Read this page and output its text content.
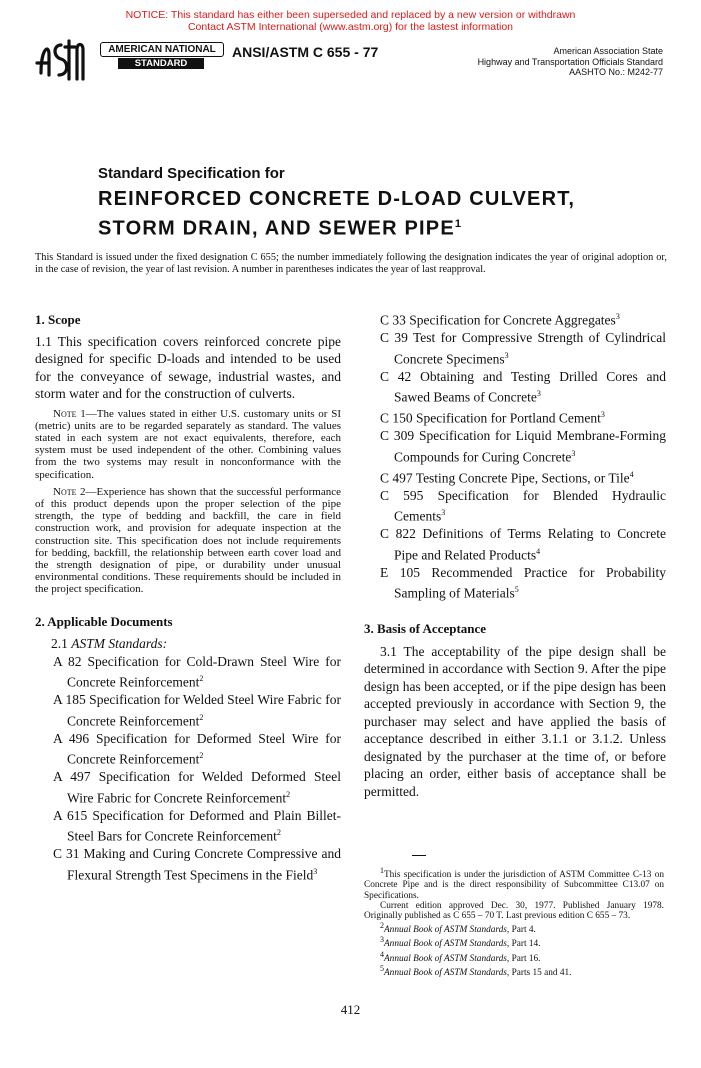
NOTICE: This standard has either been superseded and replaced by a new version or withdrawn
Contact ASTM International (www.astm.org) for the lastest information
AMERICAN NATIONAL
STANDARD
ANSI/ASTM C 655 - 77	American Association State
Highway and Transportation Officials Standard
AASHTO No.: M242-77
Standard Specification for
REINFORCED CONCRETE D-LOAD CULVERT,
STORM DRAIN, AND SEWER PIPE$^1$
This Standard is issued under the fixed designation C 655; the number immediately following the designation indicates the year of original adoption or, in the case of revision, the year of last revision. A number in parentheses indicates the year of last reapproval.

1. Scope

1.1 This specification covers reinforced concrete pipe designed for specific D-loads and intended to be used for the conveyance of sewage, industrial wastes, and storm water and for the construction of culverts.

Note 1—The values stated in either U.S. customary units or SI (metric) units are to be regarded separately as standard. The values stated in each system are not exact equivalents, therefore, each system must be used independent of the other. Combining values from the two systems may result in nonconformance with the specification.

Note 2—Experience has shown that the successful performance of this product depends upon the proper selection of the pipe strength, the type of bedding and backfill, the care in field construction work, and provision for adequate inspection at the construction site. This specification does not include requirements for bedding, backfill, the relationship between earth cover load and the strength designation of pipe, or durability under unusual environmental conditions. These requirements should be included in the project specification.

2. Applicable Documents

2.1 ASTM Standards:

A 82 Specification for Cold-Drawn Steel Wire for Concrete Reinforcement$^2$

A 185 Specification for Welded Steel Wire Fabric for Concrete Reinforcement$^2$

A 496 Specification for Deformed Steel Wire for Concrete Reinforcement$^2$

A 497 Specification for Welded Deformed Steel Wire Fabric for Concrete Reinforcement$^2$

A 615 Specification for Deformed and Plain Billet-Steel Bars for Concrete Reinforcement$^2$

C 31 Making and Curing Concrete Compressive and Flexural Strength Test Specimens in the Field$^3$

C 33 Specification for Concrete Aggregates$^3$

C 39 Test for Compressive Strength of Cylindrical Concrete Specimens$^3$

C 42 Obtaining and Testing Drilled Cores and Sawed Beams of Concrete$^3$

C 150 Specification for Portland Cement$^3$

C 309 Specification for Liquid Membrane-Forming Compounds for Curing Concrete$^3$

C 497 Testing Concrete Pipe, Sections, or Tile$^4$

C 595 Specification for Blended Hydraulic Cements$^3$

C 822 Definitions of Terms Relating to Concrete Pipe and Related Products$^4$

E 105 Recommended Practice for Probability Sampling of Materials$^5$

3. Basis of Acceptance

3.1 The acceptability of the pipe design shall be determined in accordance with Section 9. After the pipe design has been accepted, or if the pipe design has been accepted previously in accordance with Section 9, the purchaser may select and have applied the basis of acceptance described in either 3.1.1 or 3.1.2. Unless designated by the purchaser at the time of, or before placing an order, either basis of acceptance shall be permitted.

$^1$This specification is under the jurisdiction of ASTM Committee C-13 on Concrete Pipe and is the direct responsibility of Subcommittee C13.07 on Specifications.

Current edition approved Dec. 30, 1977. Published January 1978. Originally published as C 655 – 70 T. Last previous edition C 655 – 73.

$^2$Annual Book of ASTM Standards, Part 4.

$^3$Annual Book of ASTM Standards, Part 14.

$^4$Annual Book of ASTM Standards, Part 16.

$^5$Annual Book of ASTM Standards, Parts 15 and 41.

412
